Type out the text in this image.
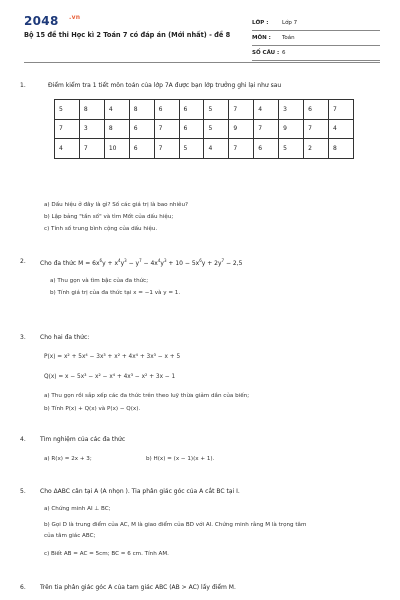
2048 .vn
Bộ 15 đề thi Học kì 2 Toán 7 có đáp án (Mới nhất) - đề 8
LỚP :	Lớp 7
MÔN :	Toán
SỐ CÂU : 6
1.	Điểm kiểm tra 1 tiết môn toán của lớp 7A được bạn lớp trưởng ghi lại như sau
5	8	4	8	6	6	5	7	4	3	6	7
7	3	8	6	7	6	5	9	7	9	7	4
4	7	10	6	7	5	4	7	6	5	2	8
a) Dấu hiệu ở đây là gì? Số các giá trị là bao nhiêu?
b) Lập bảng "tần số" và tìm Mốt của dấu hiệu;
c) Tính số trung bình cộng của dấu hiệu.
2. Cho đa thức $M = 6x^6y + x^4y^3 - y^7 - 4x^4y^3 + 10 - 5x^6y + 2y^7 - 2,5$
a) Thu gọn và tìm bậc của đa thức;
b) Tính giá trị của đa thức tại x = −1 và y = 1.
3. Cho hai đa thức:
P(x) = x² + 5x⁴ − 3x³ + x² + 4x⁴ + 3x³ − x + 5
Q(x) = x − 5x³ − x² − x⁴ + 4x³ − x² + 3x − 1
a) Thu gọn rồi sắp xếp các đa thức trên theo luỹ thừa giảm dần của biến;
b) Tính P(x) + Q(x) và P(x) − Q(x).
4. Tìm nghiệm của các đa thức
a) R(x) = 2x + 3;	b) H(x) = (x − 1)(x + 1).
5. Cho ΔABC cân tại A (A nhọn ). Tia phân giác góc của A cắt BC tại I.
a) Chứng minh AI ⊥ BC;
b) Gọi D là trung điểm của AC, M là giao điểm của BD với AI. Chứng minh rằng M là trọng tâm
của tâm giác ABC;
c) Biết AB = AC = 5cm; BC = 6 cm. Tính AM.
6. Trên tia phân giác góc A của tam giác ABC (AB > AC) lấy điểm M.
